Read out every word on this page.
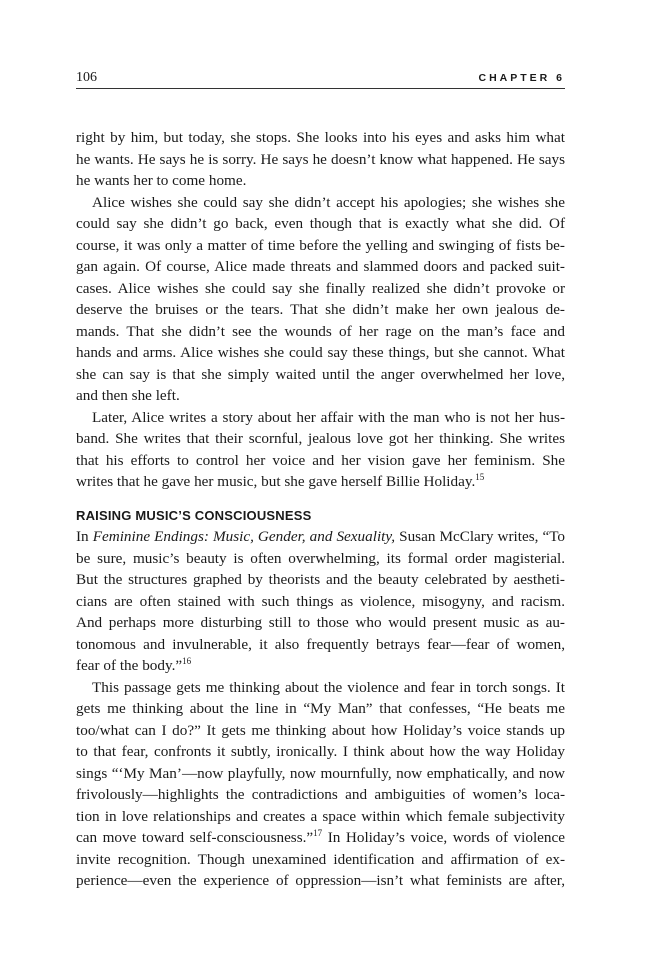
106	CHAPTER 6
right by him, but today, she stops. She looks into his eyes and asks him what
he wants. He says he is sorry. He says he doesn’t know what happened. He says
he wants her to come home.
Alice wishes she could say she didn’t accept his apologies; she wishes she
could say she didn’t go back, even though that is exactly what she did. Of
course, it was only a matter of time before the yelling and swinging of fists be-
gan again. Of course, Alice made threats and slammed doors and packed suit-
cases. Alice wishes she could say she finally realized she didn’t provoke or
deserve the bruises or the tears. That she didn’t make her own jealous de-
mands. That she didn’t see the wounds of her rage on the man’s face and
hands and arms. Alice wishes she could say these things, but she cannot. What
she can say is that she simply waited until the anger overwhelmed her love,
and then she left.
Later, Alice writes a story about her affair with the man who is not her hus-
band. She writes that their scornful, jealous love got her thinking. She writes
that his efforts to control her voice and her vision gave her feminism. She
writes that he gave her music, but she gave herself Billie Holiday.$^{15}$
RAISING MUSIC’S CONSCIOUSNESS
In Feminine Endings: Music, Gender, and Sexuality, Susan McClary writes, “To
be sure, music’s beauty is often overwhelming, its formal order magisterial.
But the structures graphed by theorists and the beauty celebrated by aestheti-
cians are often stained with such things as violence, misogyny, and racism.
And perhaps more disturbing still to those who would present music as au-
tonomous and invulnerable, it also frequently betrays fear—fear of women,
fear of the body.”$^{16}$
This passage gets me thinking about the violence and fear in torch songs. It
gets me thinking about the line in “My Man” that confesses, “He beats me
too/what can I do?” It gets me thinking about how Holiday’s voice stands up
to that fear, confronts it subtly, ironically. I think about how the way Holiday
sings “‘My Man’—now playfully, now mournfully, now emphatically, and now
frivolously—highlights the contradictions and ambiguities of women’s loca-
tion in love relationships and creates a space within which female subjectivity
can move toward self-consciousness.”$^{17}$ In Holiday’s voice, words of violence
invite recognition. Though unexamined identification and affirmation of ex-
perience—even the experience of oppression—isn’t what feminists are after,
